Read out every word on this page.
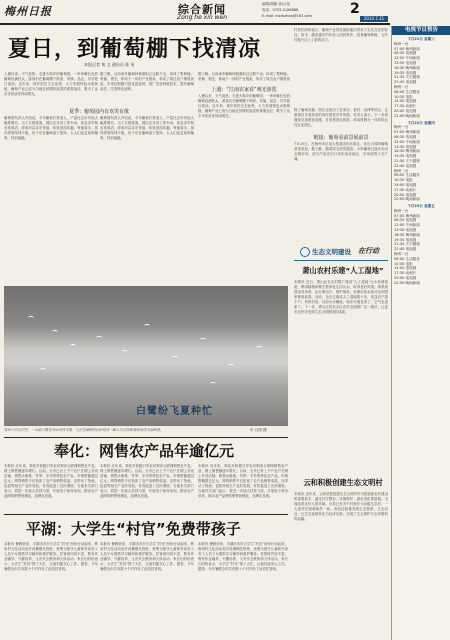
梅州日报	综合新闻
Zong he xin wen
编辑/胡瑜 设计/吴
电话：0753-2188888
E-mail: mzrbzhxw@163.com	2
2010.7.21
夏日，到葡萄棚下找清凉
本报记者 黄 文 通讯员 陈 英
入暑以来，天气炎热。走进大埠乡的葡萄园，一串串紫红色的葡萄挂满枝头，游客们在葡萄棚下纳凉、采摘、品尝，尽享夏日清凉。近年来，该乡依托生态优势，大力发展特色水果种植，葡萄产业已成为当地农民增收致富的重要途径，吸引了众多市民前来休闲观光。
夏季：葡萄园内有欢笑有歌
葡萄园负责人介绍说，今年葡萄长势喜人，产量比去年有较大幅度增长。为了方便游客，园区还开设了停车场、休息凉亭和农家饭店，游客可以亲手采摘，体验田园乐趣。每逢周末，园内游客络绎不绝，孩子们在葡萄架下嬉戏，大人们品尝新鲜葡萄，其乐融融。
据了解，目前该乡葡萄种植面积已达数千亩，形成了集种植、采摘、观光、休闲于一体的产业链条，带动了周边农户增收致富。乡里还积极引进优质品种，推广先进种植技术，提升葡萄品质，打造特色品牌。
葡萄园负责人介绍说，今年葡萄长势喜人，产量比去年有较大幅度增长。为了方便游客，园区还开设了停车场、休息凉亭和农家饭店，游客可以亲手采摘，体验田园乐趣。每逢周末，园内游客络绎不绝，孩子们在葡萄架下嬉戏，大人们品尝新鲜葡萄，其乐融融。
据了解，目前该乡葡萄种植面积已达数千亩，形成了集种植、采摘、观光、休闲于一体的产业链条，带动了周边农户增收致
上週：“江南农家看”观光游览
入暑以来，天气炎热。走进大埠乡的葡萄园，一串串紫红色的葡萄挂满枝头，游客们在葡萄棚下纳凉、采摘、品尝，尽享夏日清凉。近年来，该乡依托生态优势，大力发展特色水果种植，葡萄产业已成为当地农民增收致富的重要途径，吸引了众多市民前来休闲观光。
村民们纷纷表示，葡萄产业的发展给他们带来了实实在在的好处。如今，越来越多的年轻人回到家乡，投身葡萄种植，为乡村振兴注入了新的活力。
除了葡萄采摘，园区还推出了农家乐、垂钓、烧烤等项目，让游客在享受美食的同时感受乡村风情。负责人表示，下一步将继续完善配套设施，打造集观光旅游、休闲度假为一体的综合性农业园区。
链接：葡萄看前景展前景
7月20日，在梅州市区某大型超市的水果区，来自大埠的葡萄备受欢迎。据了解，随着知名度的提高，大埠葡萄已逐步走向全国市场，部分产品还出口到东南亚地区，市场前景十分广阔。
白鹭纷飞夏种忙
蕉岭千亩良田里，一大群白鹭在田间觅食飞翔，与正在插秧的农民构成一幅人与自然和谐相处的美丽画卷。	叶 日朗 摄
奉化：网售农产品年逾亿元
本报讯 近年来，奉化市积极引导农民利用互联网销售农产品，网上销售额逐年增长。目前，全市已有上千户农户在网上开设店铺，销售水蜜桃、竹笋、芋艿等特色农产品，年销售额超过亿元。网络销售不仅拓宽了农产品销售渠道，还带动了物流、包装等相关产业的发展，有效促进了农民增收。当地有关部门表示，将进一步加大扶持力度，开展电子商务培训，推动农产品网络销售规模化、品牌化发展。
本报讯 近年来，奉化市积极引导农民利用互联网销售农产品，网上销售额逐年增长。目前，全市已有上千户农户在网上开设店铺，销售水蜜桃、竹笋、芋艿等特色农产品，年销售额超过亿元。网络销售不仅拓宽了农产品销售渠道，还带动了物流、包装等相关产业的发展，有效促进了农民增收。当地有关部门表示，将进一步加大扶持力度，开展电子商务培训，推动农产品网络销售规模化、品牌化发展。
本报讯 近年来，奉化市积极引导农民利用互联网销售农产品，网上销售额逐年增长。目前，全市已有上千户农户在网上开设店铺，销售水蜜桃、竹笋、芋艿等特色农产品，年销售额超过亿元。网络销售不仅拓宽了农产品销售渠道，还带动了物流、包装等相关产业的发展，有效促进了农民增收。当地有关部门表示，将进一步加大扶持力度，开展电子商务培训，推动农产品网络销售规模化、品牌化发展。
平湖：大学生“村官”免费带孩子
本报讯 暑假到来，平湖市各村大学生“村官”纷纷行动起来，利用村文化活动室开设暑期托管班，免费为留守儿童和外来务工人员子女提供学习辅导和看护服务。托管班内容丰富，既有作业辅导、兴趣培养，又有安全教育和文体活动。家长们纷纷表示，大学生“村官”帮了大忙，让他们能安心工作。据悉，今年暑假全市共有数十个村开设了此类托管班。
本报讯 暑假到来，平湖市各村大学生“村官”纷纷行动起来，利用村文化活动室开设暑期托管班，免费为留守儿童和外来务工人员子女提供学习辅导和看护服务。托管班内容丰富，既有作业辅导、兴趣培养，又有安全教育和文体活动。家长们纷纷表示，大学生“村官”帮了大忙，让他们能安心工作。据悉，今年暑假全市共有数十个村开设了此类托管班。
本报讯 暑假到来，平湖市各村大学生“村官”纷纷行动起来，利用村文化活动室开设暑期托管班，免费为留守儿童和外来务工人员子女提供学习辅导和看护服务。托管班内容丰富，既有作业辅导、兴趣培养，又有安全教育和文体活动。家长们纷纷表示，大学生“村官”帮了大忙，让他们能安心工作。据悉，今年暑假全市共有数十个村开设了此类托管班。
生态文明建设 在行动
萧山农村乐建“人工湿地”
本报讯 近日，萧山区在农村推广建设“人工湿地”污水处理系统，利用植物和微生物净化生活污水，取得良好效果。该系统建设成本低、运行费用少、维护简单，处理后的水质可达到国家排放标准。目前，全区已建成人工湿地数十处，受益农户数千户。村民们说，以前污水横流，现在环境变美了，空气也清新了。下一步，萧山区将在全区农村全面推广这一做法，让更多农民享受到生态文明建设的成果。
云和积极创建生态文明村
本报讯 近年来，云和县把创建生态文明村作为推进新农村建设的重要抓手，通过村庄整治、环境保护、绿化美化等措施，全面改善农村人居环境。全县已有多个村被评为省级生态村，一大批村庄面貌焕然一新。该县还积极发展生态旅游、生态农业，让生态优势转化为经济优势，实现了生态保护与农民增收的双赢。
电视节目预告
7月21日 星期三
梅州一台
07:00 梅州新闻
08:30 电视剧
12:00 午间新闻
13:30 电视剧
18:30 梅州新闻
19:35 电视剧
21:30 天天健康
22:40 电视剧
梅州二台
08:00 生活服务
10:30 电影
14:00 电视剧
17:30 动画片
20:00 电视剧
22:00 晚间新闻
7月22日 星期四
梅州一台
07:00 梅州新闻
08:30 电视剧
12:00 午间新闻
13:30 电视剧
18:30 梅州新闻
19:35 电视剧
21:30 天天健康
22:40 电视剧
梅州二台
08:00 生活服务
10:30 电影
14:00 电视剧
17:30 动画片
20:00 电视剧
22:00 晚间新闻
7月23日 星期五
梅州一台
07:00 梅州新闻
08:30 电视剧
12:00 午间新闻
13:30 电视剧
18:30 梅州新闻
19:35 电视剧
21:30 天天健康
22:40 电视剧
梅州二台
08:00 生活服务
10:30 电影
14:00 电视剧
17:30 动画片
20:00 电视剧
22:00 晚间新闻
